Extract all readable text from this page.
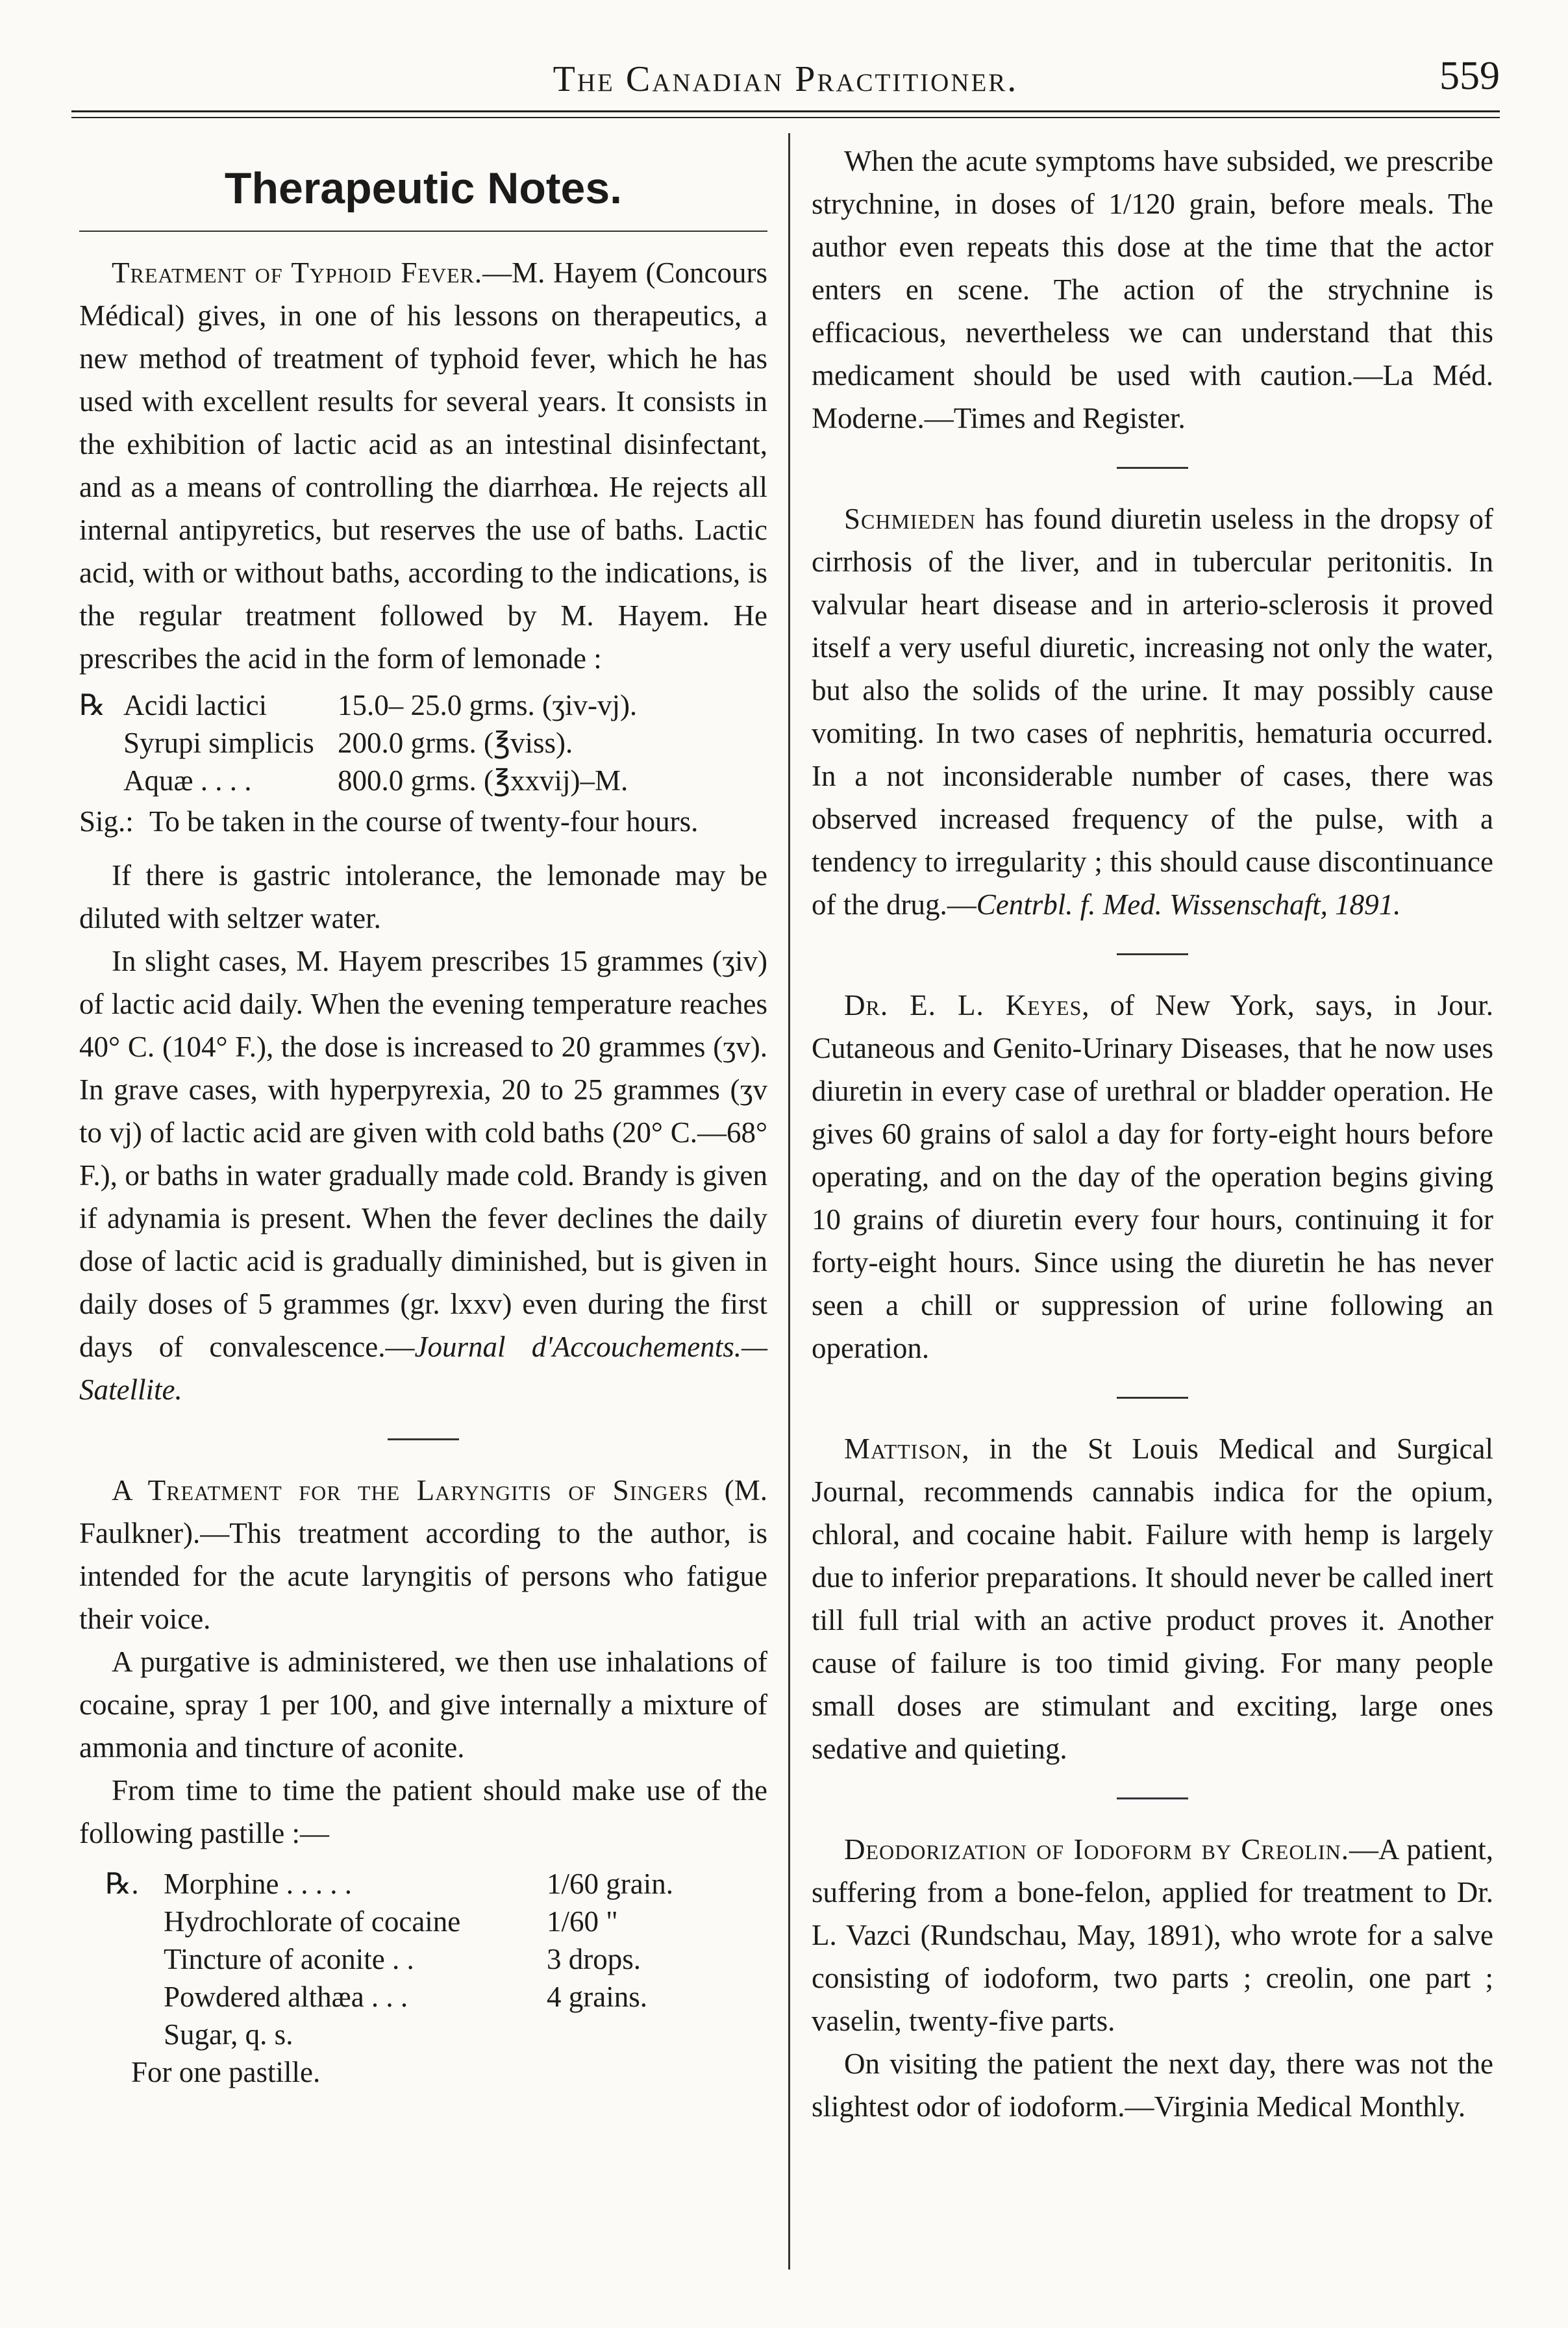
The Canadian Practitioner.	559
Therapeutic Notes.

Treatment of Typhoid Fever.—M. Hayem (Concours Médical) gives, in one of his lessons on therapeutics, a new method of treatment of typhoid fever, which he has used with excellent results for several years. It consists in the exhibition of lactic acid as an intestinal disinfectant, and as a means of controlling the diarrhœa. He rejects all internal antipyretics, but reserves the use of baths. Lactic acid, with or without baths, according to the indications, is the regular treatment followed by M. Hayem. He prescribes the acid in the form of lemonade :

℞ Acidi lactici	15.0– 25.0 grms. (ʒiv-vj).
Syrupi simplicis 200.0 grms. (℥viss).
Aquæ . . . .	800.0 grms. (℥xxvij)–M.
Sig.: To be taken in the course of twenty-four hours.

If there is gastric intolerance, the lemonade may be diluted with seltzer water.

In slight cases, M. Hayem prescribes 15 grammes (ʒiv) of lactic acid daily. When the evening temperature reaches 40° C. (104° F.), the dose is increased to 20 grammes (ʒv). In grave cases, with hyperpyrexia, 20 to 25 grammes (ʒv to vj) of lactic acid are given with cold baths (20° C.—68° F.), or baths in water gradually made cold. Brandy is given if adynamia is present. When the fever declines the daily dose of lactic acid is gradually diminished, but is given in daily doses of 5 grammes (gr. lxxv) even during the first days of convalescence.—Journal d'Accouchements.—Satellite.

A Treatment for the Laryngitis of Singers (M. Faulkner).—This treatment according to the author, is intended for the acute laryngitis of persons who fatigue their voice.

A purgative is administered, we then use inhalations of cocaine, spray 1 per 100, and give internally a mixture of ammonia and tincture of aconite.

From time to time the patient should make use of the following pastille :—

℞. Morphine . . . . .	1/60 grain.
Hydrochlorate of cocaine	1/60 "
Tincture of aconite . .	3 drops.
Powdered althæa . . .	4 grains.
Sugar, q. s.
For one pastille.

When the acute symptoms have subsided, we prescribe strychnine, in doses of 1/120 grain, before meals. The author even repeats this dose at the time that the actor enters en scene. The action of the strychnine is efficacious, nevertheless we can understand that this medicament should be used with caution.—La Méd. Moderne.—Times and Register.

Schmieden has found diuretin useless in the dropsy of cirrhosis of the liver, and in tubercular peritonitis. In valvular heart disease and in arterio-sclerosis it proved itself a very useful diuretic, increasing not only the water, but also the solids of the urine. It may possibly cause vomiting. In two cases of nephritis, hematuria occurred. In a not inconsiderable number of cases, there was observed increased frequency of the pulse, with a tendency to irregularity ; this should cause discontinuance of the drug.—Centrbl. f. Med. Wissenschaft, 1891.

Dr. E. L. Keyes, of New York, says, in Jour. Cutaneous and Genito-Urinary Diseases, that he now uses diuretin in every case of urethral or bladder operation. He gives 60 grains of salol a day for forty-eight hours before operating, and on the day of the operation begins giving 10 grains of diuretin every four hours, continuing it for forty-eight hours. Since using the diuretin he has never seen a chill or suppression of urine following an operation.

Mattison, in the St Louis Medical and Surgical Journal, recommends cannabis indica for the opium, chloral, and cocaine habit. Failure with hemp is largely due to inferior preparations. It should never be called inert till full trial with an active product proves it. Another cause of failure is too timid giving. For many people small doses are stimulant and exciting, large ones sedative and quieting.

Deodorization of Iodoform by Creolin.—A patient, suffering from a bone-felon, applied for treatment to Dr. L. Vazci (Rundschau, May, 1891), who wrote for a salve consisting of iodoform, two parts ; creolin, one part ; vaselin, twenty-five parts.

On visiting the patient the next day, there was not the slightest odor of iodoform.—Virginia Medical Monthly.
